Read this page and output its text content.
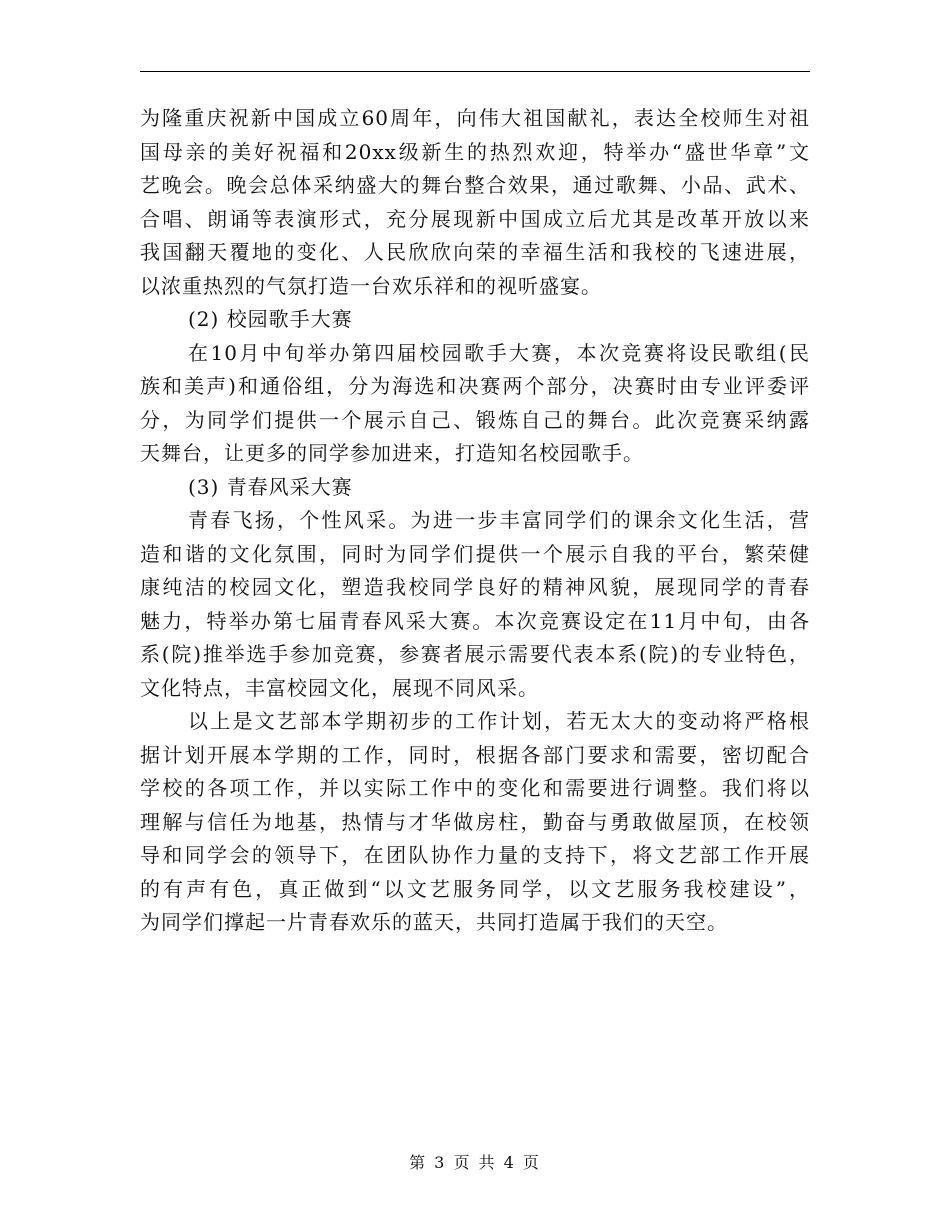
为隆重庆祝新中国成立60周年，向伟大祖国献礼，表达全校师生对祖
国母亲的美好祝福和20xx级新生的热烈欢迎，特举办“盛世华章”文
艺晚会。晚会总体采纳盛大的舞台整合效果，通过歌舞、小品、武术、
合唱、朗诵等表演形式，充分展现新中国成立后尤其是改革开放以来
我国翻天覆地的变化、人民欣欣向荣的幸福生活和我校的飞速进展，
以浓重热烈的气氛打造一台欢乐祥和的视听盛宴。
(2) 校园歌手大赛
在10月中旬举办第四届校园歌手大赛，本次竞赛将设民歌组(民
族和美声)和通俗组，分为海选和决赛两个部分，决赛时由专业评委评
分，为同学们提供一个展示自己、锻炼自己的舞台。此次竞赛采纳露
天舞台，让更多的同学参加进来，打造知名校园歌手。
(3) 青春风采大赛
青春飞扬，个性风采。为进一步丰富同学们的课余文化生活，营
造和谐的文化氛围，同时为同学们提供一个展示自我的平台，繁荣健
康纯洁的校园文化，塑造我校同学良好的精神风貌，展现同学的青春
魅力，特举办第七届青春风采大赛。本次竞赛设定在11月中旬，由各
系(院)推举选手参加竞赛，参赛者展示需要代表本系(院)的专业特色，
文化特点，丰富校园文化，展现不同风采。
以上是文艺部本学期初步的工作计划，若无太大的变动将严格根
据计划开展本学期的工作，同时，根据各部门要求和需要，密切配合
学校的各项工作，并以实际工作中的变化和需要进行调整。我们将以
理解与信任为地基，热情与才华做房柱，勤奋与勇敢做屋顶，在校领
导和同学会的领导下，在团队协作力量的支持下，将文艺部工作开展
的有声有色，真正做到“以文艺服务同学，以文艺服务我校建设”，
为同学们撑起一片青春欢乐的蓝天，共同打造属于我们的天空。
第 3 页 共 4 页
